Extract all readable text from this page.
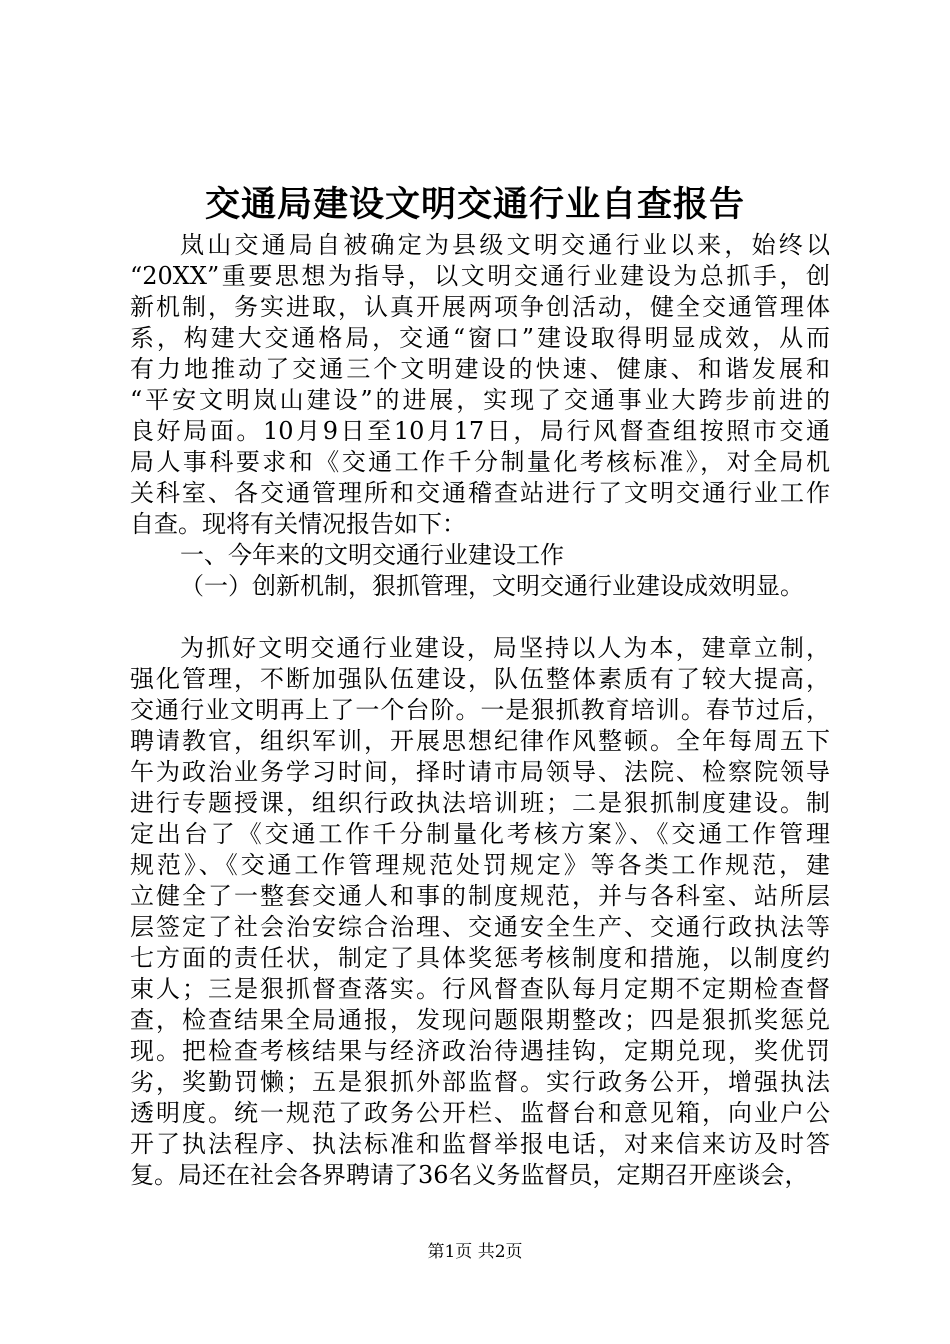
交通局建设文明交通行业自查报告
岚山交通局自被确定为县级文明交通行业以来，始终以
“20XX”重要思想为指导，以文明交通行业建设为总抓手，创
新机制，务实进取，认真开展两项争创活动，健全交通管理体
系，构建大交通格局，交通“窗口”建设取得明显成效，从而
有力地推动了交通三个文明建设的快速、健康、和谐发展和
“平安文明岚山建设”的进展，实现了交通事业大跨步前进的
良好局面。10月9日至10月17日，局行风督查组按照市交通
局人事科要求和《交通工作千分制量化考核标准》，对全局机
关科室、各交通管理所和交通稽查站进行了文明交通行业工作
自查。现将有关情况报告如下：
一、今年来的文明交通行业建设工作
（一）创新机制，狠抓管理，文明交通行业建设成效明显。
为抓好文明交通行业建设，局坚持以人为本，建章立制，
强化管理，不断加强队伍建设，队伍整体素质有了较大提高，
交通行业文明再上了一个台阶。一是狠抓教育培训。春节过后，
聘请教官，组织军训，开展思想纪律作风整顿。全年每周五下
午为政治业务学习时间，择时请市局领导、法院、检察院领导
进行专题授课，组织行政执法培训班；二是狠抓制度建设。制
定出台了《交通工作千分制量化考核方案》、《交通工作管理
规范》、《交通工作管理规范处罚规定》等各类工作规范，建
立健全了一整套交通人和事的制度规范，并与各科室、站所层
层签定了社会治安综合治理、交通安全生产、交通行政执法等
七方面的责任状，制定了具体奖惩考核制度和措施，以制度约
束人；三是狠抓督查落实。行风督查队每月定期不定期检查督
查，检查结果全局通报，发现问题限期整改；四是狠抓奖惩兑
现。把检查考核结果与经济政治待遇挂钩，定期兑现，奖优罚
劣，奖勤罚懒；五是狠抓外部监督。实行政务公开，增强执法
透明度。统一规范了政务公开栏、监督台和意见箱，向业户公
开了执法程序、执法标准和监督举报电话，对来信来访及时答
复。局还在社会各界聘请了36名义务监督员，定期召开座谈会，
第1页 共2页
